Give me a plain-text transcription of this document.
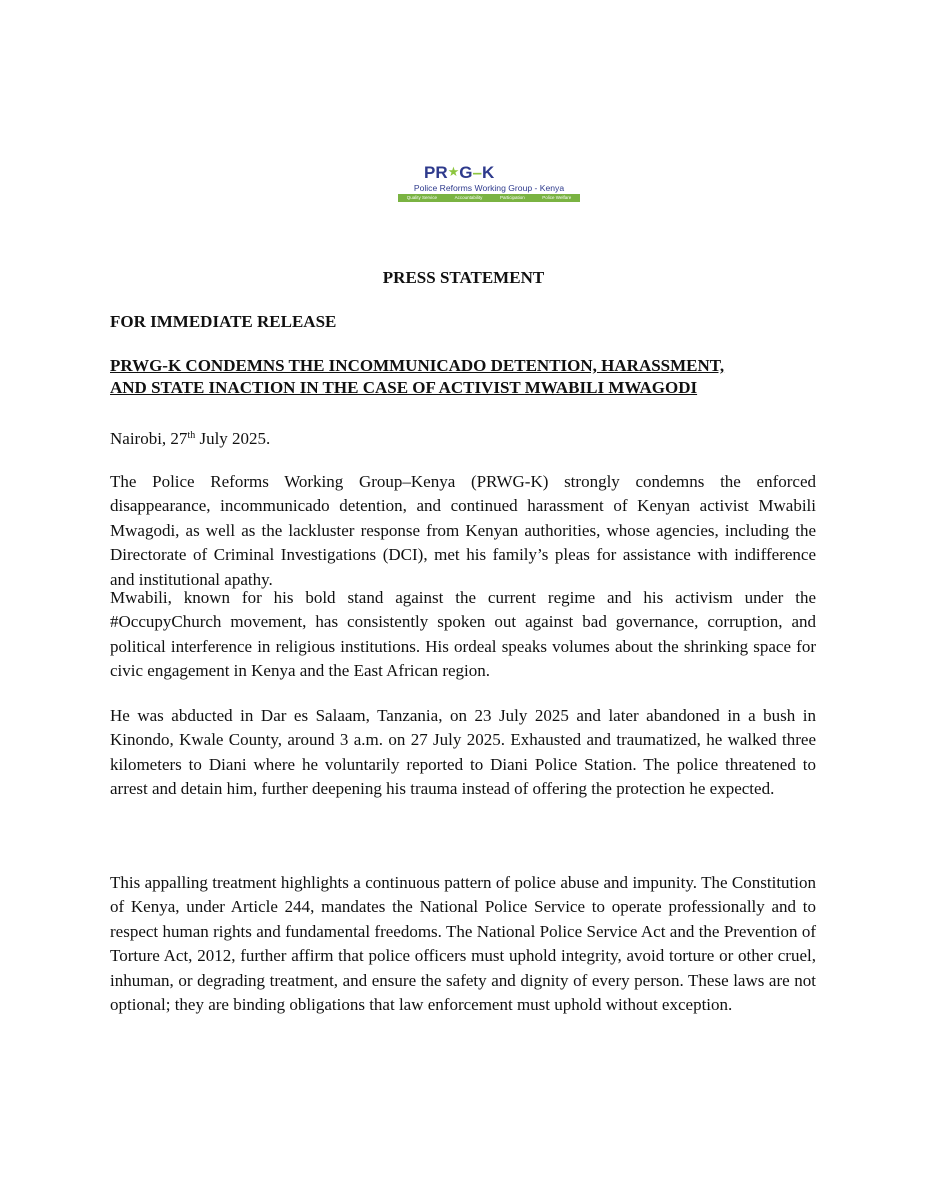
PR★G–K
Police Reforms Working Group - Kenya
Quality Service	Accountability	Participation	Police Welfare
PRESS STATEMENT
FOR IMMEDIATE RELEASE
PRWG-K CONDEMNS THE INCOMMUNICADO DETENTION, HARASSMENT,
AND STATE INACTION IN THE CASE OF ACTIVIST MWABILI MWAGODI
Nairobi, 27th July 2025.

The Police Reforms Working Group–Kenya (PRWG-K) strongly condemns the enforced disappearance, incommunicado detention, and continued harassment of Kenyan activist Mwabili Mwagodi, as well as the lackluster response from Kenyan authorities, whose agencies, including the Directorate of Criminal Investigations (DCI), met his family’s pleas for assistance with indifference and institutional apathy.

Mwabili, known for his bold stand against the current regime and his activism under the #OccupyChurch movement, has consistently spoken out against bad governance, corruption, and political interference in religious institutions. His ordeal speaks volumes about the shrinking space for civic engagement in Kenya and the East African region.

He was abducted in Dar es Salaam, Tanzania, on 23 July 2025 and later abandoned in a bush in Kinondo, Kwale County, around 3 a.m. on 27 July 2025. Exhausted and traumatized, he walked three kilometers to Diani where he voluntarily reported to Diani Police Station. The police threatened to arrest and detain him, further deepening his trauma instead of offering the protection he expected.

This appalling treatment highlights a continuous pattern of police abuse and impunity. The Constitution of Kenya, under Article 244, mandates the National Police Service to operate professionally and to respect human rights and fundamental freedoms. The National Police Service Act and the Prevention of Torture Act, 2012, further affirm that police officers must uphold integrity, avoid torture or other cruel, inhuman, or degrading treatment, and ensure the safety and dignity of every person. These laws are not optional; they are binding obligations that law enforcement must uphold without exception.
